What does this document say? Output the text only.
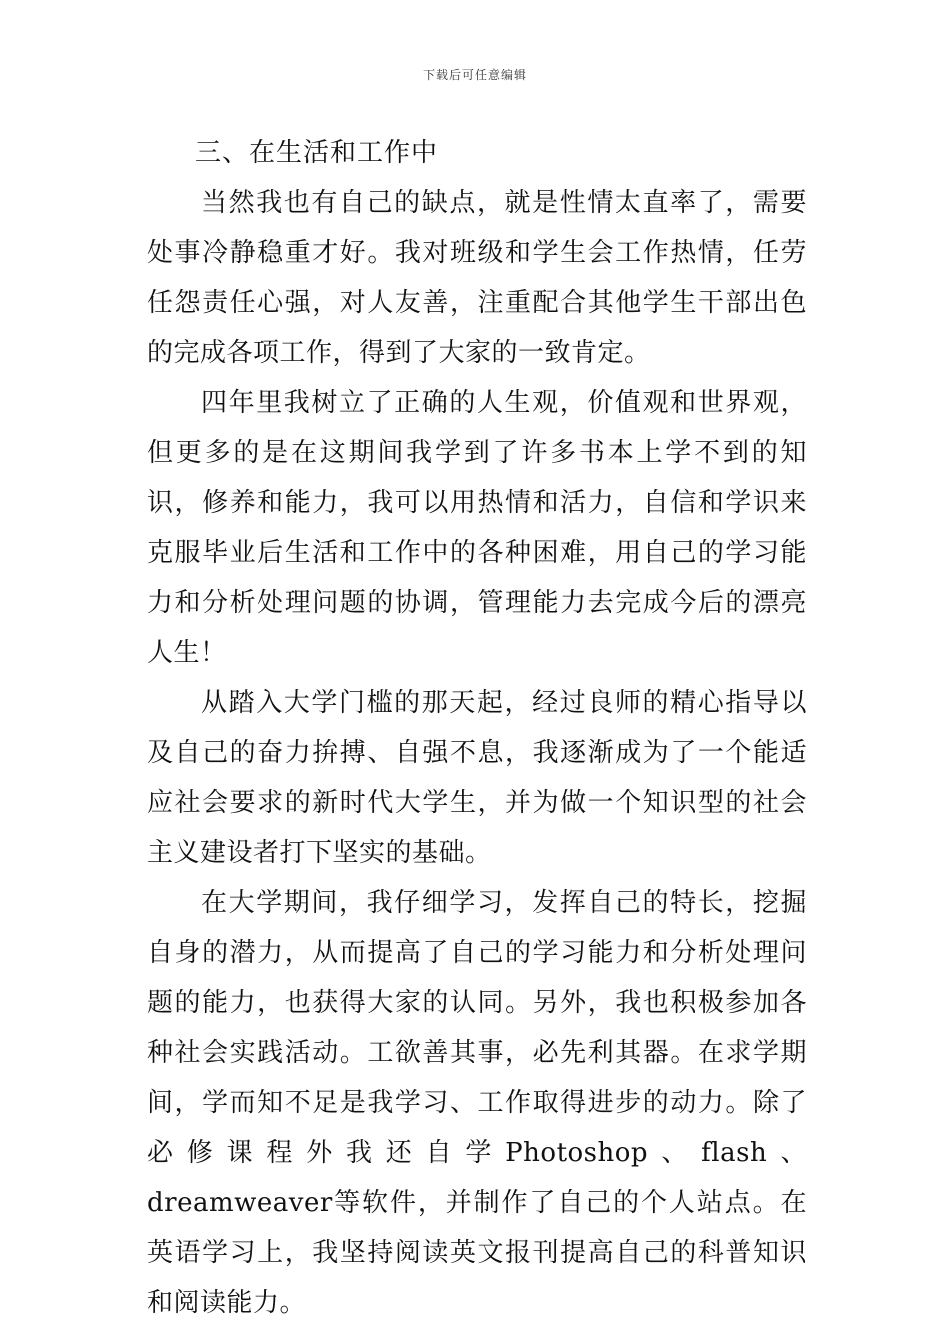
下载后可任意编辑

三、在生活和工作中

当然我也有自己的缺点，就是性情太直率了，需要处事冷静稳重才好。我对班级和学生会工作热情，任劳任怨责任心强，对人友善，注重配合其他学生干部出色的完成各项工作，得到了大家的一致肯定。

四年里我树立了正确的人生观，价值观和世界观，但更多的是在这期间我学到了许多书本上学不到的知识，修养和能力，我可以用热情和活力，自信和学识来克服毕业后生活和工作中的各种困难，用自己的学习能力和分析处理问题的协调，管理能力去完成今后的漂亮人生！

从踏入大学门槛的那天起，经过良师的精心指导以及自己的奋力拚搏、自强不息，我逐渐成为了一个能适应社会要求的新时代大学生，并为做一个知识型的社会主义建设者打下坚实的基础。

在大学期间，我仔细学习，发挥自己的特长，挖掘自身的潜力，从而提高了自己的学习能力和分析处理问题的能力，也获得大家的认同。另外，我也积极参加各种社会实践活动。工欲善其事，必先利其器。在求学期间，学而知不足是我学习、工作取得进步的动力。除了必修课程外我还自学Photoshop、flash、dreamweaver等软件，并制作了自己的个人站点。在英语学习上，我坚持阅读英文报刊提高自己的科普知识和阅读能力。
